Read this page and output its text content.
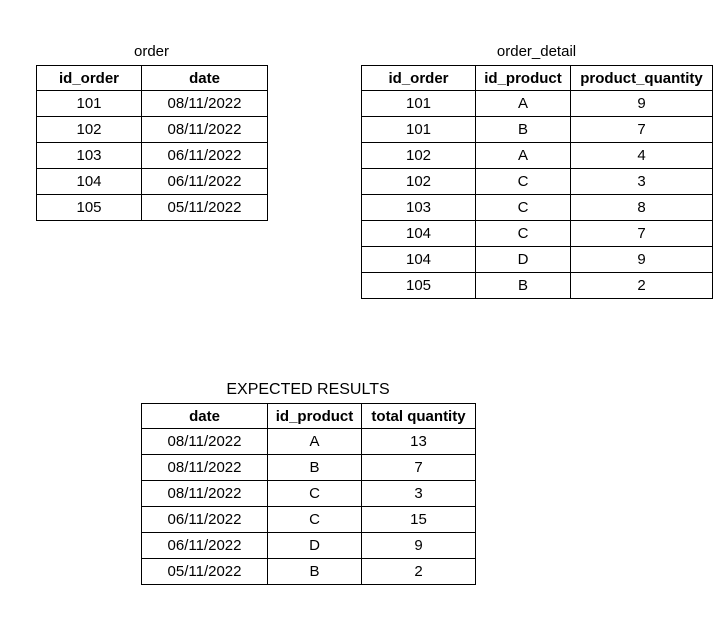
order
id_order	date
101	08/11/2022
102	08/11/2022
103	06/11/2022
104	06/11/2022
105	05/11/2022
order_detail
id_order	id_product	product_quantity
101	A	9
101	B	7
102	A	4
102	C	3
103	C	8
104	C	7
104	D	9
105	B	2
EXPECTED RESULTS
date	id_product	total quantity
08/11/2022	A	13
08/11/2022	B	7
08/11/2022	C	3
06/11/2022	C	15
06/11/2022	D	9
05/11/2022	B	2
